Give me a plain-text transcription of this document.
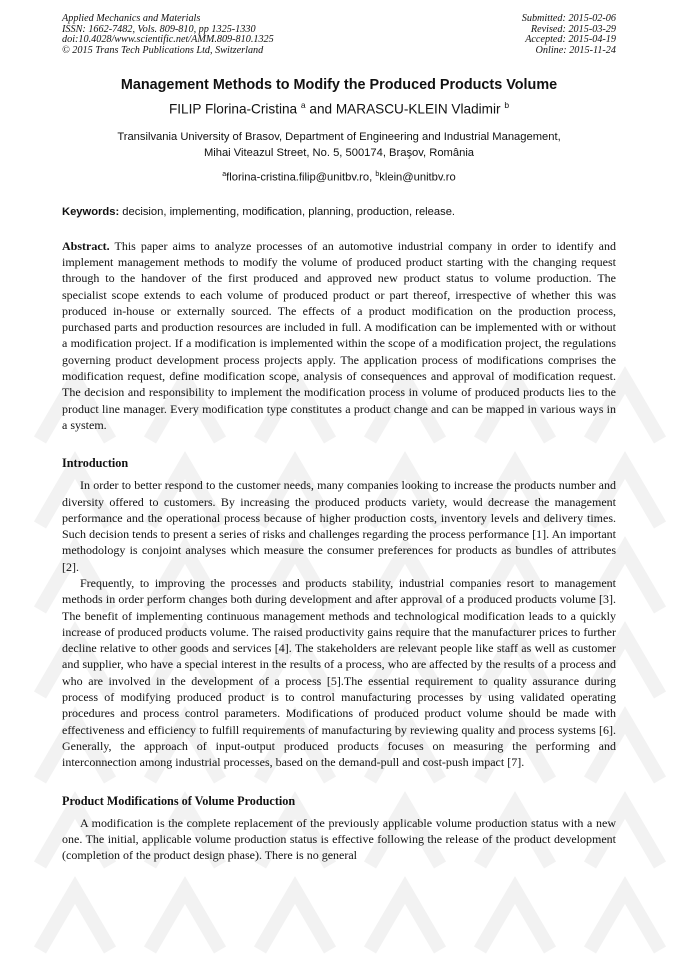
Applied Mechanics and Materials
ISSN: 1662-7482, Vols. 809-810, pp 1325-1330
doi:10.4028/www.scientific.net/AMM.809-810.1325
© 2015 Trans Tech Publications Ltd, Switzerland
Submitted: 2015-02-06
Revised: 2015-03-29
Accepted: 2015-04-19
Online: 2015-11-24
Management Methods to Modify the Produced Products Volume
FILIP Florina-Cristina $^a$ and MARASCU-KLEIN Vladimir $^b$
Transilvania University of Brasov, Department of Engineering and Industrial Management,
Mihai Viteazul Street, No. 5, 500174, Braşov, România
$^a$florina-cristina.filip@unitbv.ro, $^b$klein@unitbv.ro
Keywords: decision, implementing, modification, planning, production, release.

Abstract. This paper aims to analyze processes of an automotive industrial company in order to identify and implement management methods to modify the volume of produced product starting with the changing request through to the handover of the first produced and approved new product status to volume production. The specialist scope extends to each volume of produced product or part thereof, irrespective of whether this was produced in-house or externally sourced. The effects of a product modification on the production process, purchased parts and production resources are included in full. A modification can be implemented with or without a modification project. If a modification is implemented within the scope of a modification project, the regulations governing product development process projects apply. The application process of modifications comprises the modification request, define modification scope, analysis of consequences and approval of modification request. The decision and responsibility to implement the modification process in volume of produced products lies to the product line manager. Every modification type constitutes a product change and can be mapped in various ways in a system.

Introduction

In order to better respond to the customer needs, many companies looking to increase the products number and diversity offered to customers. By increasing the produced products variety, would decrease the management performance and the operational process because of higher production costs, inventory levels and delivery times. Such decision tends to present a series of risks and challenges regarding the process performance [1]. An important methodology is conjoint analyses which measure the consumer preferences for products as bundles of attributes [2].

Frequently, to improving the processes and products stability, industrial companies resort to management methods in order perform changes both during development and after approval of a produced products volume [3]. The benefit of implementing continuous management methods and technological modification leads to a quickly increase of produced products volume. The raised productivity gains require that the manufacturer prices to further decline relative to other goods and services [4]. The stakeholders are relevant people like staff as well as customer and supplier, who have a special interest in the results of a process, who are affected by the results of a process and who are involved in the development of a process [5].The essential requirement to quality assurance during process of modifying produced product is to control manufacturing processes by using validated operating procedures and process control parameters. Modifications of produced product volume should be made with effectiveness and efficiency to fulfill requirements of manufacturing by reviewing quality and process systems [6]. Generally, the approach of input-output produced products focuses on measuring the performing and interconnection among industrial processes, based on the demand-pull and cost-push impact [7].

Product Modifications of Volume Production

A modification is the complete replacement of the previously applicable volume production status with a new one. The initial, applicable volume production status is effective following the release of the product development (completion of the product design phase). There is no general
